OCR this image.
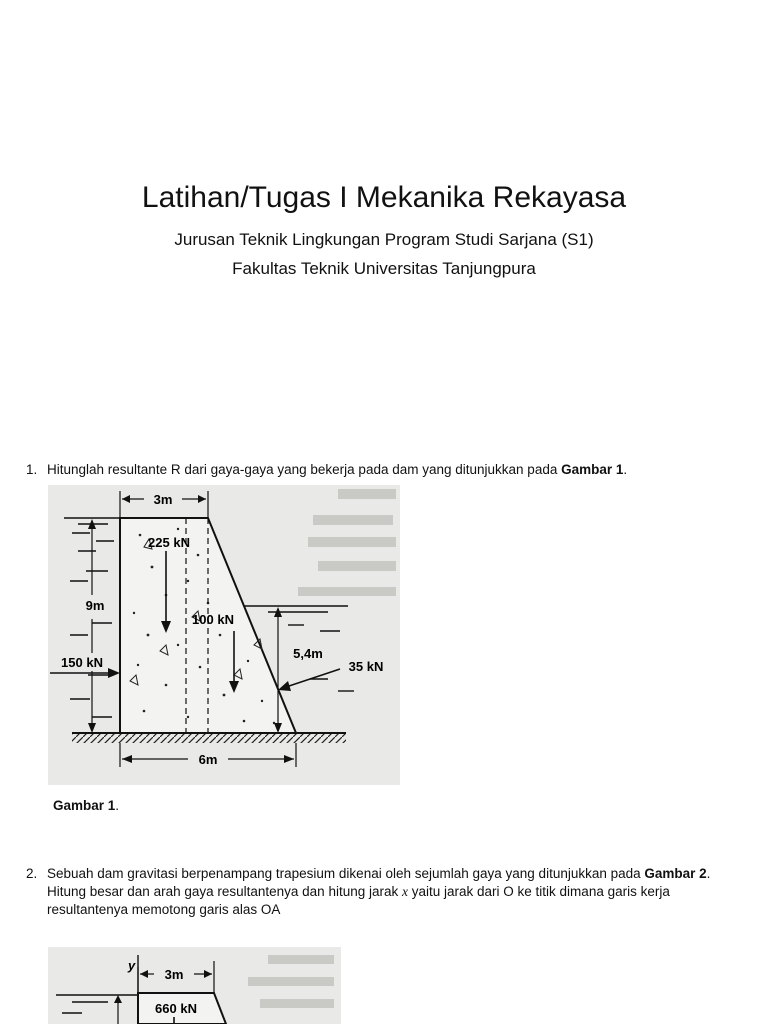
Latihan/Tugas I Mekanika Rekayasa
Jurusan Teknik Lingkungan Program Studi Sarjana (S1)
Fakultas Teknik Universitas Tanjungpura
1. Hitunglah resultante R dari gaya-gaya yang bekerja pada dam yang ditunjukkan pada Gambar 1.
3m
225 kN
100 kN
9m
150 kN
5,4m
35 kN
6m
Gambar 1.
2. Sebuah dam gravitasi berpenampang trapesium dikenai oleh sejumlah gaya yang ditunjukkan pada Gambar 2. Hitung besar dan arah gaya resultantenya dan hitung jarak x yaitu jarak dari O ke titik dimana garis kerja resultantenya memotong garis alas OA
y
3m
660 kN
